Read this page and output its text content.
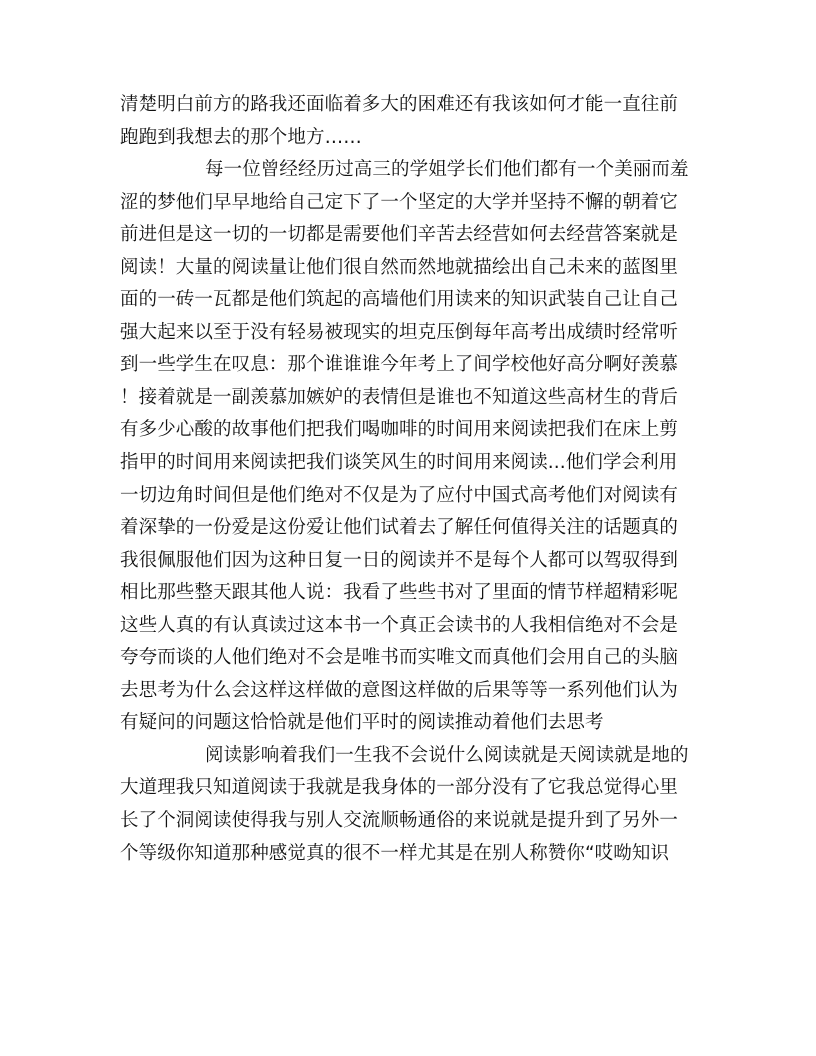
清楚明白前方的路我还面临着多大的困难还有我该如何才能一直往前
跑跑到我想去的那个地方……
每一位曾经经历过高三的学姐学长们他们都有一个美丽而羞
涩的梦他们早早地给自己定下了一个坚定的大学并坚持不懈的朝着它
前进但是这一切的一切都是需要他们辛苦去经营如何去经营答案就是
阅读！大量的阅读量让他们很自然而然地就描绘出自己未来的蓝图里
面的一砖一瓦都是他们筑起的高墙他们用读来的知识武装自己让自己
强大起来以至于没有轻易被现实的坦克压倒每年高考出成绩时经常听
到一些学生在叹息：那个谁谁谁今年考上了间学校他好高分啊好羡慕
！接着就是一副羡慕加嫉妒的表情但是谁也不知道这些高材生的背后
有多少心酸的故事他们把我们喝咖啡的时间用来阅读把我们在床上剪
指甲的时间用来阅读把我们谈笑风生的时间用来阅读...他们学会利用
一切边角时间但是他们绝对不仅是为了应付中国式高考他们对阅读有
着深挚的一份爱是这份爱让他们试着去了解任何值得关注的话题真的
我很佩服他们因为这种日复一日的阅读并不是每个人都可以驾驭得到
相比那些整天跟其他人说：我看了些些书对了里面的情节样超精彩呢
这些人真的有认真读过这本书一个真正会读书的人我相信绝对不会是
夸夸而谈的人他们绝对不会是唯书而实唯文而真他们会用自己的头脑
去思考为什么会这样这样做的意图这样做的后果等等一系列他们认为
有疑问的问题这恰恰就是他们平时的阅读推动着他们去思考
阅读影响着我们一生我不会说什么阅读就是天阅读就是地的
大道理我只知道阅读于我就是我身体的一部分没有了它我总觉得心里
长了个洞阅读使得我与别人交流顺畅通俗的来说就是提升到了另外一
个等级你知道那种感觉真的很不一样尤其是在别人称赞你“哎呦知识
